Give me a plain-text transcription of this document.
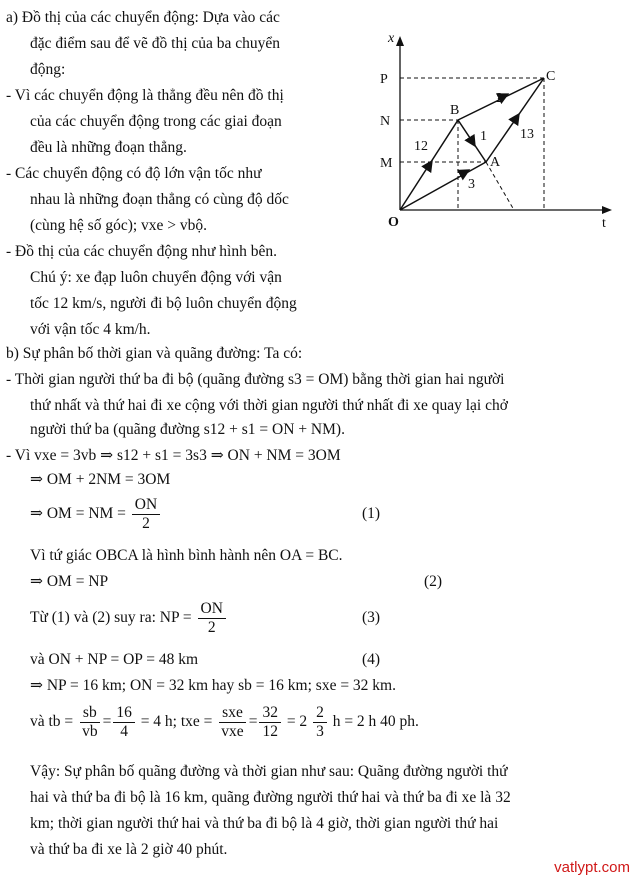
a) Đồ thị của các chuyển động: Dựa vào các
đặc điểm sau để vẽ đồ thị của ba chuyển
động:
- Vì các chuyển động là thẳng đều nên đồ thị
của các chuyển động trong các giai đoạn
đều là những đoạn thẳng.
- Các chuyển động có độ lớn vận tốc như
nhau là những đoạn thẳng có cùng độ dốc
(cùng hệ số góc); vxe > vbộ.
- Đồ thị của các chuyển động như hình bên.
Chú ý: xe đạp luôn chuyển động với vận
tốc 12 km/s, người đi bộ luôn chuyển động
với vận tốc 4 km/h.
x
t
O
P
N
M
B
C
A
12
2
1
3
13
b) Sự phân bố thời gian và quãng đường: Ta có:
- Thời gian người thứ ba đi bộ (quãng đường s3 = OM) bằng thời gian hai người
thứ nhất và thứ hai đi xe cộng với thời gian người thứ nhất đi xe quay lại chở
người thứ ba (quãng đường s12 + s1 = ON + NM).
- Vì vxe = 3vb ⇒ s12 + s1 = 3s3 ⇒ ON + NM = 3OM
⇒ OM + 2NM = 3OM
⇒ OM = NM = $\frac{ON}{2}$	(1)
Vì tứ giác OBCA là hình bình hành nên OA = BC.
⇒ OM = NP	(2)
Từ (1) và (2) suy ra: NP = $\frac{ON}{2}$	(3)
và ON + NP = OP = 48 km	(4)
⇒ NP = 16 km; ON = 32 km hay sb = 16 km; sxe = 32 km.
và tb = $\frac{sb}{vb} = \frac{16}{4} = 4$ h; txe = $\frac{\text{sxe}}{\text{vxe}} = \frac{32}{12} = 2 \frac{2}{3}$ h = 2 h 40 ph.
Vậy: Sự phân bố quãng đường và thời gian như sau: Quãng đường người thứ
hai và thứ ba đi bộ là 16 km, quãng đường người thứ hai và thứ ba đi xe là 32
km; thời gian người thứ hai và thứ ba đi bộ là 4 giờ, thời gian người thứ hai
và thứ ba đi xe là 2 giờ 40 phút.
vatlypt.com
